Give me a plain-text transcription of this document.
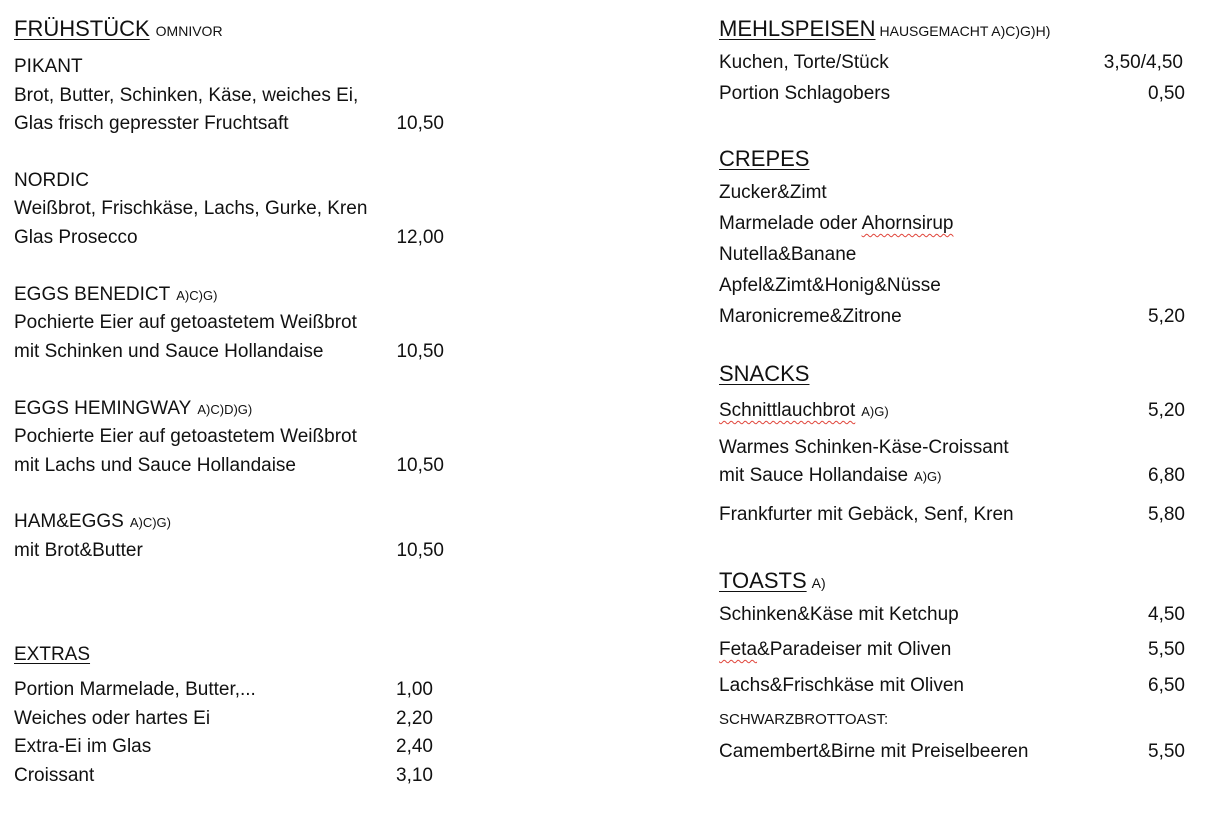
FRÜHSTÜCK OMNIVOR
PIKANT
Brot, Butter, Schinken, Käse, weiches Ei,
Glas frisch gepresster Fruchtsaft	10,50
NORDIC
Weißbrot, Frischkäse, Lachs, Gurke, Kren
Glas Prosecco	12,00
EGGS BENEDICT A)C)G)
Pochierte Eier auf getoastetem Weißbrot
mit Schinken und Sauce Hollandaise	10,50
EGGS HEMINGWAY A)C)D)G)
Pochierte Eier auf getoastetem Weißbrot
mit Lachs und Sauce Hollandaise	10,50
HAM&EGGS A)C)G)
mit Brot&Butter	10,50
EXTRAS
Portion Marmelade, Butter,...	1,00
Weiches oder hartes Ei	2,20
Extra-Ei im Glas	2,40
Croissant	3,10
MEHLSPEISEN HAUSGEMACHT A)C)G)H)
Kuchen, Torte/Stück	3,50/4,50
Portion Schlagobers	0,50
CREPES
Zucker&Zimt
Marmelade oder Ahornsirup
Nutella&Banane
Apfel&Zimt&Honig&Nüsse
Maronicreme&Zitrone	5,20
SNACKS
Schnittlauchbrot A)G)	5,20
Warmes Schinken-Käse-Croissant
mit Sauce Hollandaise A)G)	6,80
Frankfurter mit Gebäck, Senf, Kren	5,80
TOASTS A)
Schinken&Käse mit Ketchup	4,50
Feta&Paradeiser mit Oliven	5,50
Lachs&Frischkäse mit Oliven	6,50
SCHWARZBROTTOAST:
Camembert&Birne mit Preiselbeeren	5,50
